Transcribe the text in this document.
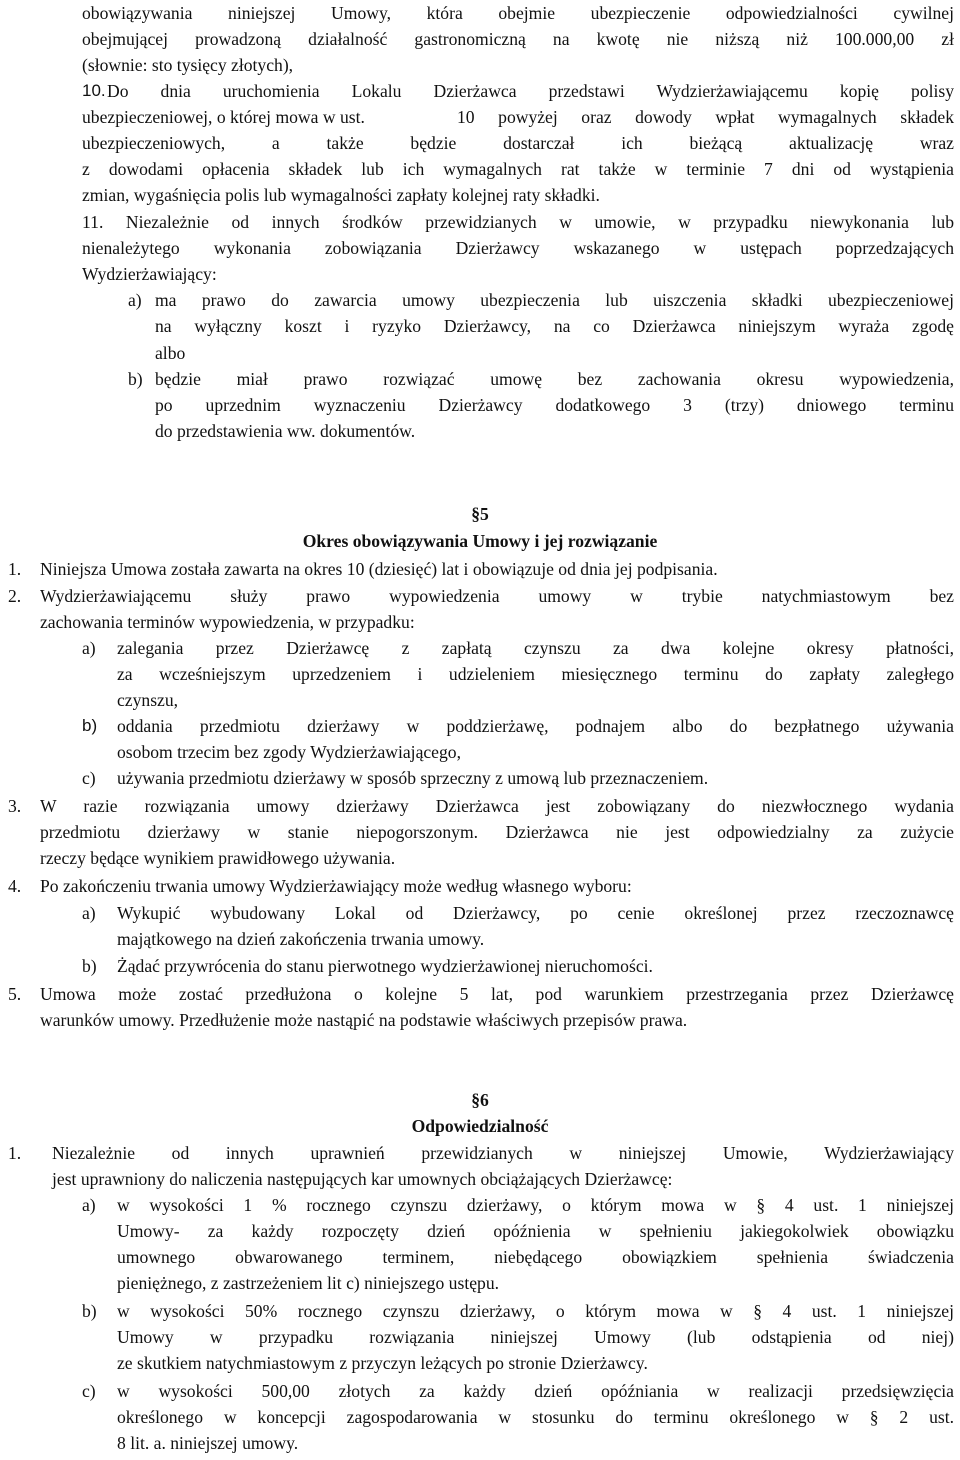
obowiązywania niniejszej Umowy, która obejmie ubezpieczenie odpowiedzialności cywilnej
obejmującej prowadzoną działalność gastronomiczną na kwotę nie niższą niż 100.000,00 zł
(słownie: sto tysięcy złotych),
10. Do dnia uruchomienia Lokalu Dzierżawca przedstawi Wydzierżawiającemu kopię polisy
ubezpieczeniowej, o której mowa w ust.	10 powyżej oraz dowody wpłat wymagalnych składek
ubezpieczeniowych, a także będzie dostarczał ich bieżącą aktualizację wraz
z dowodami opłacenia składek lub ich wymagalnych rat także w terminie 7 dni od wystąpienia
zmian, wygaśnięcia polis lub wymagalności zapłaty kolejnej raty składki.
11. Niezależnie od innych środków przewidzianych w umowie, w przypadku niewykonania lub
nienależytego wykonania zobowiązania Dzierżawcy wskazanego w ustępach poprzedzających
Wydzierżawiający:
a) ma prawo do zawarcia umowy ubezpieczenia lub uiszczenia składki ubezpieczeniowej
na wyłączny koszt i ryzyko Dzierżawcy, na co Dzierżawca niniejszym wyraża zgodę
albo
b) będzie miał prawo rozwiązać umowę bez zachowania okresu wypowiedzenia,
po uprzednim wyznaczeniu Dzierżawcy dodatkowego 3 (trzy) dniowego terminu
do przedstawienia ww. dokumentów.
§5
Okres obowiązywania Umowy i jej rozwiązanie
1. Niniejsza Umowa została zawarta na okres 10 (dziesięć) lat i obowiązuje od dnia jej podpisania.
2. Wydzierżawiającemu służy prawo wypowiedzenia umowy w trybie natychmiastowym bez
zachowania terminów wypowiedzenia, w przypadku:
a) zalegania przez Dzierżawcę z zapłatą czynszu za dwa kolejne okresy płatności,
za wcześniejszym uprzedzeniem i udzieleniem miesięcznego terminu do zapłaty zaległego
czynszu,
b) oddania przedmiotu dzierżawy w poddzierżawę, podnajem albo do bezpłatnego używania
osobom trzecim bez zgody Wydzierżawiającego,
c) używania przedmiotu dzierżawy w sposób sprzeczny z umową lub przeznaczeniem.
3. W razie rozwiązania umowy dzierżawy Dzierżawca jest zobowiązany do niezwłocznego wydania
przedmiotu dzierżawy w stanie niepogorszonym. Dzierżawca nie jest odpowiedzialny za zużycie
rzeczy będące wynikiem prawidłowego używania.
4. Po zakończeniu trwania umowy Wydzierżawiający może według własnego wyboru:
a) Wykupić wybudowany Lokal od Dzierżawcy, po cenie określonej przez rzeczoznawcę
majątkowego na dzień zakończenia trwania umowy.
b) Żądać przywrócenia do stanu pierwotnego wydzierżawionej nieruchomości.
5. Umowa może zostać przedłużona o kolejne 5 lat, pod warunkiem przestrzegania przez Dzierżawcę
warunków umowy. Przedłużenie może nastąpić na podstawie właściwych przepisów prawa.
§6
Odpowiedzialność
1. Niezależnie od innych uprawnień przewidzianych w niniejszej Umowie, Wydzierżawiający
jest uprawniony do naliczenia następujących kar umownych obciążających Dzierżawcę:
a) w wysokości 1 % rocznego czynszu dzierżawy, o którym mowa w § 4 ust. 1 niniejszej
Umowy- za każdy rozpoczęty dzień opóźnienia w spełnieniu jakiegokolwiek obowiązku
umownego obwarowanego terminem, niebędącego obowiązkiem spełnienia świadczenia
pieniężnego, z zastrzeżeniem lit c) niniejszego ustępu.
b) w wysokości 50% rocznego czynszu dzierżawy, o którym mowa w § 4 ust. 1 niniejszej
Umowy w przypadku rozwiązania niniejszej Umowy (lub odstąpienia od niej)
ze skutkiem natychmiastowym z przyczyn leżących po stronie Dzierżawcy.
c) w wysokości 500,00 złotych za każdy dzień opóźniania w realizacji przedsięwzięcia
określonego w koncepcji zagospodarowania w stosunku do terminu określonego w § 2 ust.
8 lit. a. niniejszej umowy.
